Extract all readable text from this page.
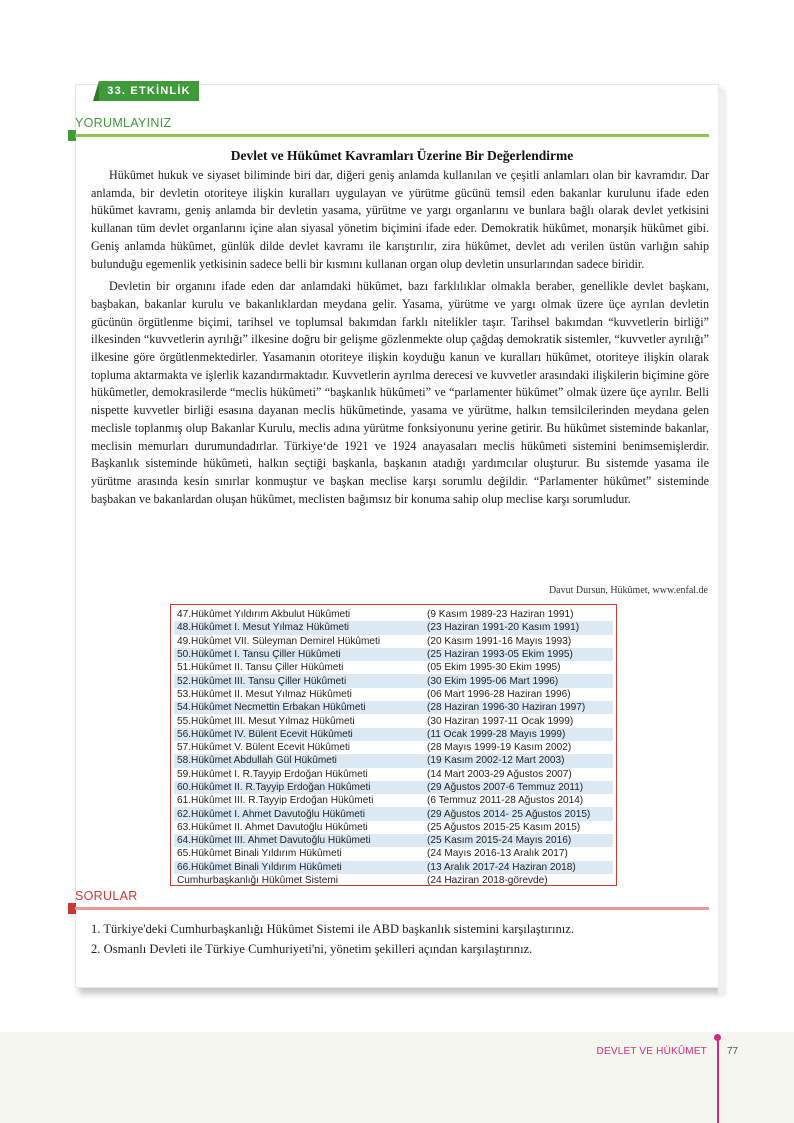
33. ETKİNLİK
YORUMLAYINIZ
Devlet ve Hükûmet Kavramları Üzerine Bir Değerlendirme

Hükûmet hukuk ve siyaset biliminde biri dar, diğeri geniş anlamda kullanılan ve çeşitli anlamları olan bir kavramdır. Dar anlamda, bir devletin otoriteye ilişkin kuralları uygulayan ve yürütme gücünü temsil eden bakanlar kurulunu ifade eden hükûmet kavramı, geniş anlamda bir devletin yasama, yürütme ve yargı organlarını ve bunlara bağlı olarak devlet yetkisini kullanan tüm devlet organlarını içine alan siyasal yönetim biçimini ifade eder. Demokratik hükûmet, monarşik hükûmet gibi. Geniş anlamda hükûmet, günlük dilde devlet kavramı ile karıştırılır, zira hükûmet, devlet adı verilen üstün varlığın sahip bulunduğu egemenlik yetkisinin sadece belli bir kısmını kullanan organ olup devletin unsurlarından sadece biridir.

Devletin bir organını ifade eden dar anlamdaki hükûmet, bazı farklılıklar olmakla beraber, genellikle devlet başkanı, başbakan, bakanlar kurulu ve bakanlıklardan meydana gelir. Yasama, yürütme ve yargı olmak üzere üçe ayrılan devletin gücünün örgütlenme biçimi, tarihsel ve toplumsal bakımdan farklı nitelikler taşır. Tarihsel bakımdan “kuvvetlerin birliği” ilkesinden “kuvvetlerin ayrılığı” ilkesine doğru bir gelişme gözlenmekte olup çağdaş demokratik sistemler, “kuvvetler ayrılığı” ilkesine göre örgütlenmektedirler. Yasamanın otoriteye ilişkin koyduğu kanun ve kuralları hükûmet, otoriteye ilişkin olarak topluma aktarmakta ve işlerlik kazandırmaktadır. Kuvvetlerin ayrılma derecesi ve kuvvetler arasındaki ilişkilerin biçimine göre hükûmetler, demokrasilerde “meclis hükûmeti” “başkanlık hükûmeti” ve “parlamenter hükûmet” olmak üzere üçe ayrılır. Belli nispette kuvvetler birliği esasına dayanan meclis hükûmetinde, yasama ve yürütme, halkın temsilcilerinden meydana gelen meclisle toplanmış olup Bakanlar Kurulu, meclis adına yürütme fonksiyonunu yerine getirir. Bu hükûmet sisteminde bakanlar, meclisin memurları durumundadırlar. Türkiye‘de 1921 ve 1924 anayasaları meclis hükûmeti sistemini benimsemişlerdir. Başkanlık sisteminde hükûmeti, halkın seçtiği başkanla, başkanın atadığı yardımcılar oluşturur. Bu sistemde yasama ile yürütme arasında kesin sınırlar konmuştur ve başkan meclise karşı sorumlu değildir. “Parlamenter hükûmet” sisteminde başbakan ve bakanlardan oluşan hükûmet, meclisten bağımsız bir konuma sahip olup meclise karşı sorumludur.

Davut Dursun, Hükûmet, www.enfal.de
47.Hükûmet Yıldırım Akbulut Hükûmeti	(9 Kasım 1989-23 Haziran 1991)
48.Hükûmet I. Mesut Yılmaz Hükûmeti	(23 Haziran 1991-20 Kasım 1991)
49.Hükûmet VII. Süleyman Demirel Hükûmeti	(20 Kasım 1991-16 Mayıs 1993)
50.Hükûmet I. Tansu Çiller Hükûmeti	(25 Haziran 1993-05 Ekim 1995)
51.Hükûmet II. Tansu Çiller Hükûmeti	(05 Ekim 1995-30 Ekim 1995)
52.Hükûmet III. Tansu Çiller Hükûmeti	(30 Ekim 1995-06 Mart 1996)
53.Hükûmet II. Mesut Yılmaz Hükûmeti	(06 Mart 1996-28 Haziran 1996)
54.Hükûmet Necmettin Erbakan Hükûmeti	(28 Haziran 1996-30 Haziran 1997)
55.Hükûmet III. Mesut Yılmaz Hükûmeti	(30 Haziran 1997-11 Ocak 1999)
56.Hükûmet IV. Bülent Ecevit Hükûmeti	(11 Ocak 1999-28 Mayıs 1999)
57.Hükûmet V. Bülent Ecevit Hükûmeti	(28 Mayıs 1999-19 Kasım 2002)
58.Hükûmet Abdullah Gül Hükûmeti	(19 Kasım 2002-12 Mart 2003)
59.Hükûmet I. R.Tayyip Erdoğan Hükûmeti	(14 Mart 2003-29 Ağustos 2007)
60.Hükûmet II. R.Tayyip Erdoğan Hükûmeti	(29 Ağustos 2007-6 Temmuz 2011)
61.Hükûmet III. R.Tayyip Erdoğan Hükûmeti	(6 Temmuz 2011-28 Ağustos 2014)
62.Hükûmet I. Ahmet Davutoğlu Hükûmeti	(29 Ağustos 2014- 25 Ağustos 2015)
63.Hükûmet II. Ahmet Davutoğlu Hükûmeti	(25 Ağustos 2015-25 Kasım 2015)
64.Hükûmet III. Ahmet Davutoğlu Hükûmeti	(25 Kasım 2015-24 Mayıs 2016)
65.Hükûmet Binali Yıldırım Hükûmeti	(24 Mayıs 2016-13 Aralık 2017)
66.Hükûmet Binali Yıldırım Hükûmeti	(13 Aralık 2017-24 Haziran 2018)
Cumhurbaşkanlığı Hükûmet Sistemi	(24 Haziran 2018-görevde)
SORULAR
1. Türkiye'deki Cumhurbaşkanlığı Hükûmet Sistemi ile ABD başkanlık sistemini karşılaştırınız.
2. Osmanlı Devleti ile Türkiye Cumhuriyeti'ni, yönetim şekilleri açından karşılaştırınız.
DEVLET VE HÜKÛMET 77
